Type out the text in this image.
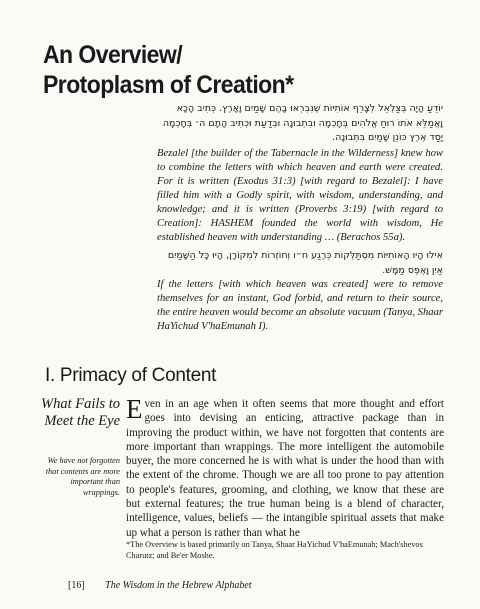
An Overview/
Protoplasm of Creation*
יוֹדֵעַ הָיָה בְּצַלְאֵל לְצָרֵף אוֹתִיּוֹת שֶׁנִּבְרְאוּ בָהֶם שָׁמַיִם וָאָרֶץ. כְּתִיב הָכָא וָאֲמַלֵּא אֹתוֹ רוּחַ אֱלֹהִים בְּחָכְמָה וּבִתְבוּנָה וּבְדַעַת וּכְתִיב הָתָם ה׳ בְּחָכְמָה יָסַד אֶרֶץ כּוֹנֵן שָׁמַיִם בִּתְבוּנָה.
Bezalel [the builder of the Tabernacle in the Wilderness] knew how to combine the letters with which heaven and earth were created. For it is written (Exodus 31:3) [with regard to Bezalel]: I have filled him with a Godly spirit, with wisdom, understanding, and knowledge; and it is written (Proverbs 3:19) [with regard to Creation]: HASHEM founded the world with wisdom, He established heaven with understanding … (Berachos 55a).
אִילוּ הָיוּ הָאוֹתִיּוֹת מִסְתַּלְּקוֹת כְּרֶגַע ח״ו וְחוֹזְרוֹת לִמְקוֹרָן, הָיוּ כָּל הַשָּׁמַיִם אַיִן וָאֶפֶס מַמָּשׁ.
If the letters [with which heaven was created] were to remove themselves for an instant, God forbid, and return to their source, the entire heaven would become an absolute vacuum (Tanya, Shaar HaYichud V'haEmunah I).
I. Primacy of Content
What Fails to Meet the Eye
We have not forgotten that contents are more important than wrappings.

Even in an age when it often seems that more thought and effort goes into devising an enticing, attractive package than in improving the product within, we have not forgotten that contents are more important than wrappings. The more intelligent the automobile buyer, the more concerned he is with what is under the hood than with the extent of the chrome. Though we are all too prone to pay attention to people's features, grooming, and clothing, we know that these are but external features; the true human being is a blend of character, intelligence, values, beliefs — the intangible spiritual assets that make up what a person is rather than what he

*The Overview is based primarily on Tanya, Shaar HaYichud V'haEmunah; Mach'shevos Charutz; and Be'er Moshe.

[16] The Wisdom in the Hebrew Alphabet
